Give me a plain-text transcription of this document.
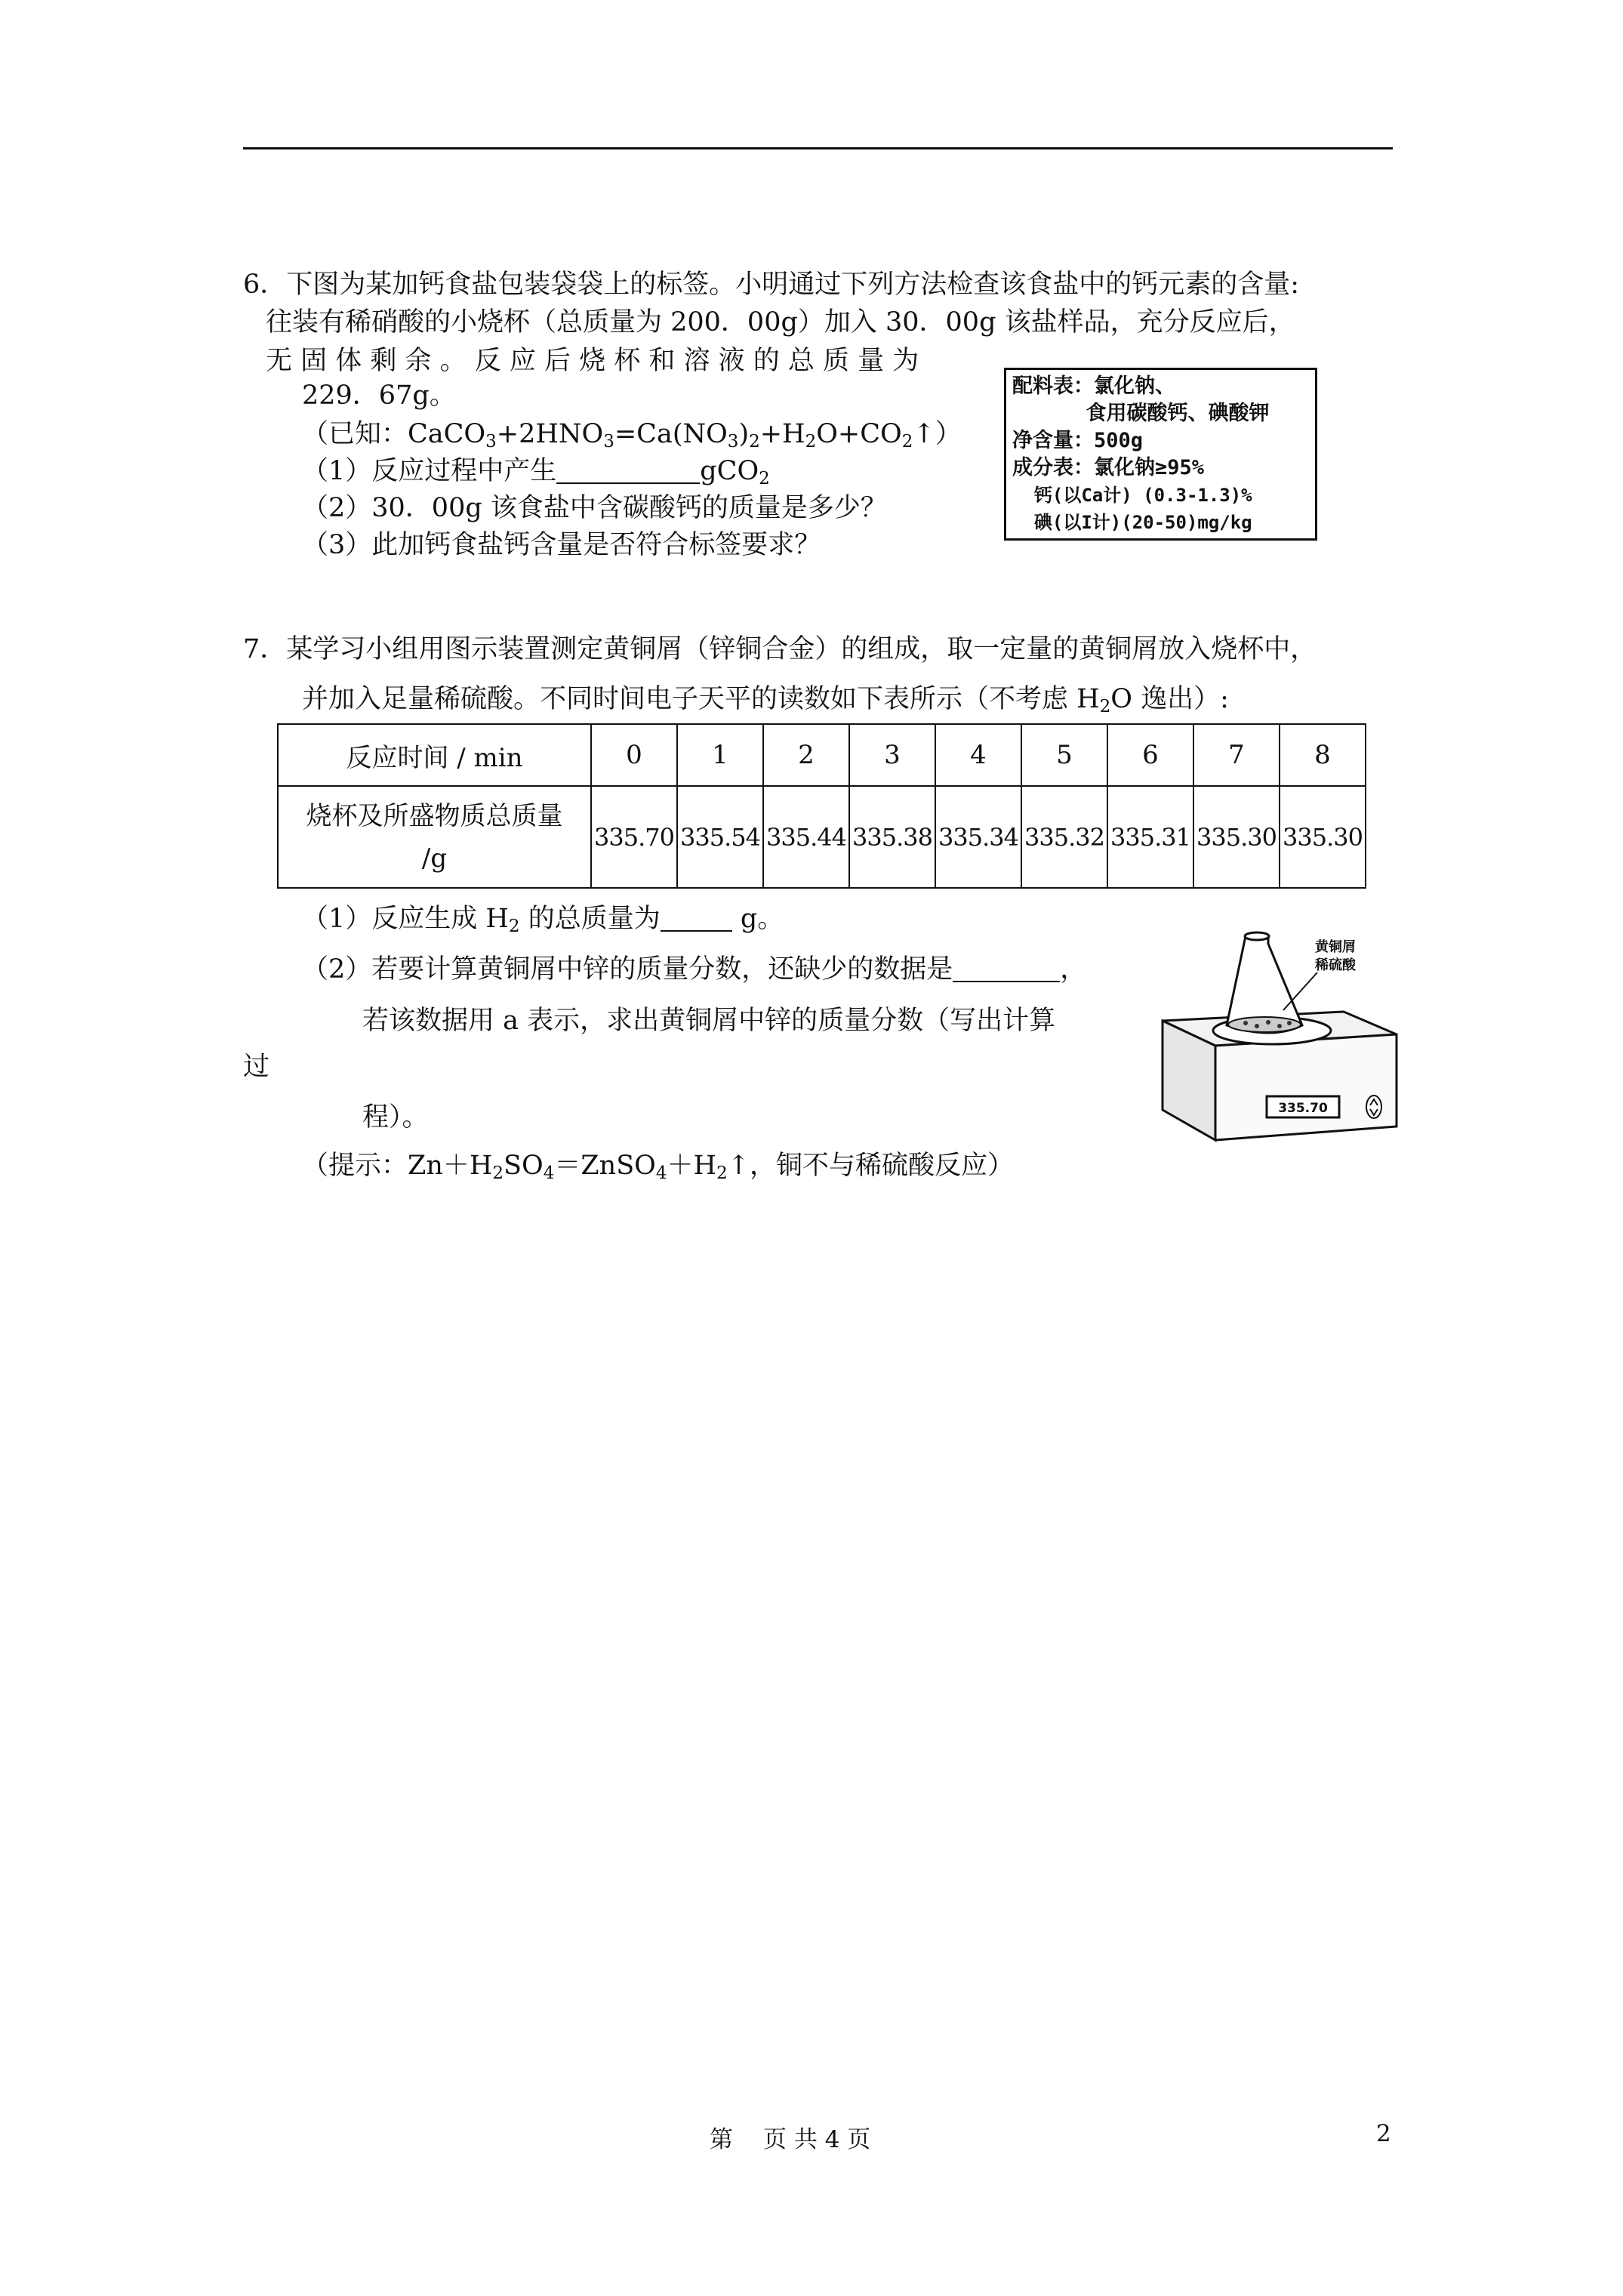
6．下图为某加钙食盐包装袋袋上的标签。小明通过下列方法检查该食盐中的钙元素的含量:
往装有稀硝酸的小烧杯（总质量为 200．00g）加入 30．00g 该盐样品，充分反应后，
无 固 体 剩 余 。 反 应 后 烧 杯 和 溶 液 的 总 质 量 为
229．67g。
（已知：$CaCO_3+2HNO_3=Ca(NO_3)_2+H_2O+CO_2↑$）
（1）反应过程中产生	gCO$_2$
（2）30．00g 该食盐中含碳酸钙的质量是多少？
（3）此加钙食盐钙含量是否符合标签要求？
配料表：氯化钠、
食用碳酸钙、碘酸钾
净含量：500g
成分表：氯化钠≥95%
钙(以Ca计) (0.3-1.3)%
碘(以I计)(20-50)mg/kg
7．某学习小组用图示装置测定黄铜屑（锌铜合金）的组成，取一定量的黄铜屑放入烧杯中，
并加入足量稀硫酸。不同时间电子天平的读数如下表所示（不考虑 $H_2O$ 逸出）:
反应时间 / min	0	1	2	3	4	5	6	7	8

烧杯及所盛物质总质量
/g	335.70	335.54	335.44	335.38	335.34	335.32	335.31	335.30	335.30
（1）反应生成 $H_2$ 的总质量为	g。
（2）若要计算黄铜屑中锌的质量分数，还缺少的数据是	，
若该数据用 a 表示，求出黄铜屑中锌的质量分数（写出计算
过
程）。
（提示：$Zn+H_2SO_4=ZnSO_4+H_2↑$，铜不与稀硫酸反应）
黄铜屑
稀硫酸
335.70
第 页 共 4 页	2
